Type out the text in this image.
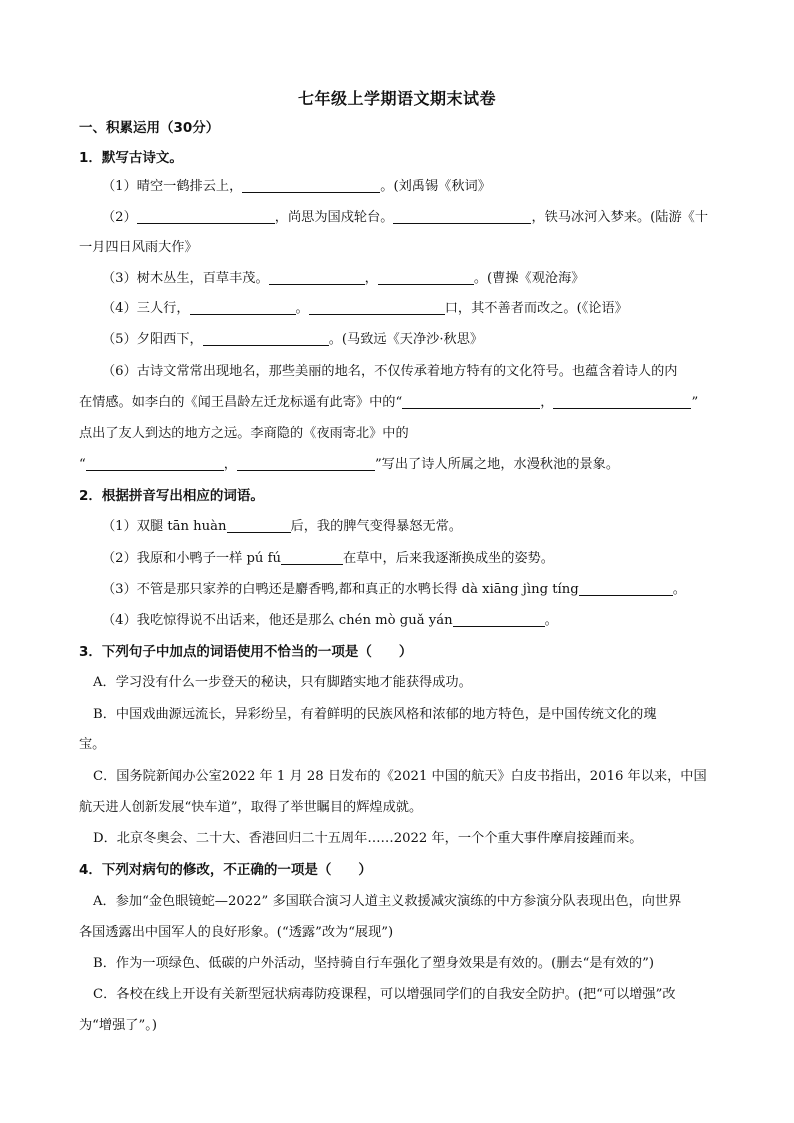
七年级上学期语文期末试卷
一、积累运用（30分）
1．默写古诗文。
（1）晴空一鹤排云上，	。(刘禹锡《秋词》
（2）	，尚思为国戍轮台。	，铁马冰河入梦来。(陆游《十
一月四日风雨大作》
（3）树木丛生，百草丰茂。	，	。(曹操《观沧海》
（4）三人行，	。	口，其不善者而改之。(《论语》
（5）夕阳西下，	。(马致远《天净沙·秋思》
（6）古诗文常常出现地名，那些美丽的地名，不仅传承着地方特有的文化符号。也蕴含着诗人的内
在情感。如李白的《闻王昌龄左迁龙标遥有此寄》中的“	，	”
点出了友人到达的地方之远。李商隐的《夜雨寄北》中的
“	，	”写出了诗人所属之地，水漫秋池的景象。
2．根据拼音写出相应的词语。
（1）双腿 tān huàn	后，我的脾气变得暴怒无常。
（2）我原和小鸭子一样 pú fú	在草中，后来我逐渐换成坐的姿势。
（3）不管是那只家养的白鸭还是麝香鸭,都和真正的水鸭长得 dà xiāng jìng tíng	。
（4）我吃惊得说不出话来，他还是那么 chén mò guǎ yán	。
3．下列句子中加点的词语使用不恰当的一项是（　　）
A．学习没有什么一步登天的秘诀，只有脚踏实地才能获得成功。
B．中国戏曲源远流长，异彩纷呈，有着鲜明的民族风格和浓郁的地方特色，是中国传统文化的瑰
宝。
C．国务院新闻办公室2022 年 1 月 28 日发布的《2021 中国的航天》白皮书指出，2016 年以来，中国
航天进人创新发展“快车道”，取得了举世瞩目的辉煌成就。
D．北京冬奥会、二十大、香港回归二十五周年……2022 年，一个个重大事件摩肩接踵而来。
4．下列对病句的修改，不正确的一项是（　　）
A．参加“金色眼镜蛇—2022” 多国联合演习人道主义救援减灾演练的中方参演分队表现出色，向世界
各国透露出中国军人的良好形象。(“透露”改为“展现”)
B．作为一项绿色、低碳的户外活动，坚持骑自行车强化了塑身效果是有效的。(删去“是有效的”)
C．各校在线上开设有关新型冠状病毒防疫课程，可以增强同学们的自我安全防护。(把“可以增强”改
为“增强了”。)
